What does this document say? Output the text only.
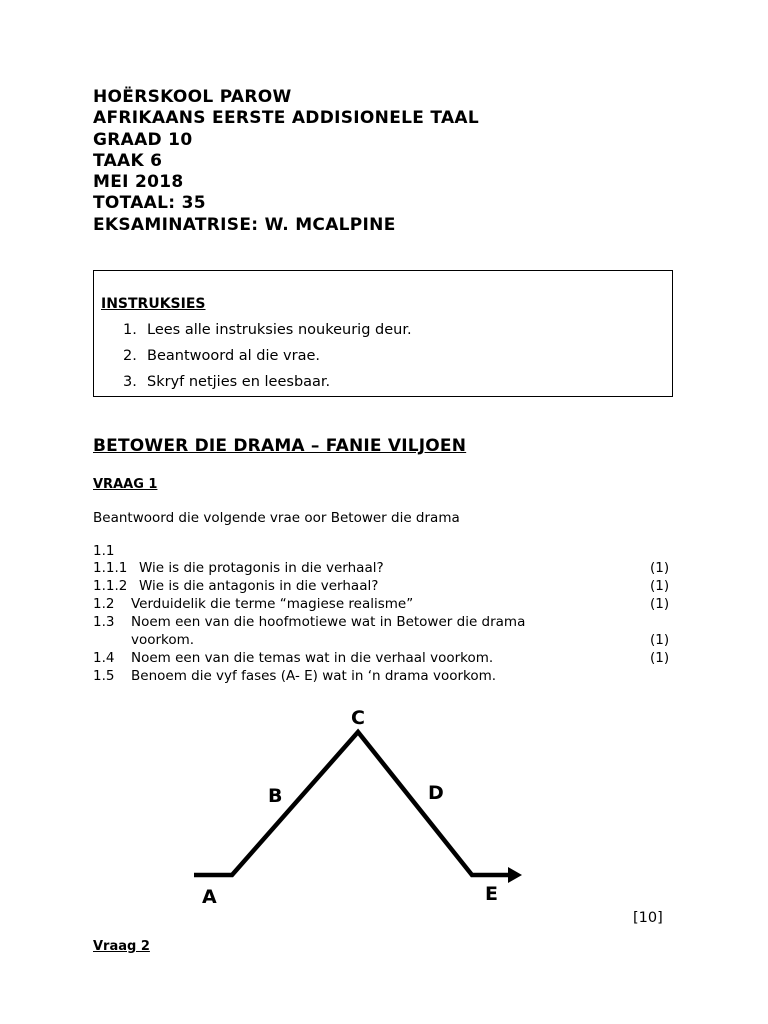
HOËRSKOOL PAROW
AFRIKAANS EERSTE ADDISIONELE TAAL
GRAAD 10
TAAK 6
MEI 2018
TOTAAL: 35
EKSAMINATRISE: W. MCALPINE
INSTRUKSIES
1. Lees alle instruksies noukeurig deur.
2. Beantwoord al die vrae.
3. Skryf netjies en leesbaar.
BETOWER DIE DRAMA – FANIE VILJOEN
VRAAG 1
Beantwoord die volgende vrae oor Betower die drama
1.1
1.1.1 Wie is die protagonis in die verhaal?	(1)
1.1.2 Wie is die antagonis in die verhaal?	(1)
1.2 Verduidelik die terme “magiese realisme”	(1)
1.3 Noem een van die hoofmotiewe wat in Betower die drama
voorkom.	(1)
1.4 Noem een van die temas wat in die verhaal voorkom.	(1)
1.5 Benoem die vyf fases (A- E) wat in ‘n drama voorkom.
A
B
C
D
E
[10]
Vraag 2
